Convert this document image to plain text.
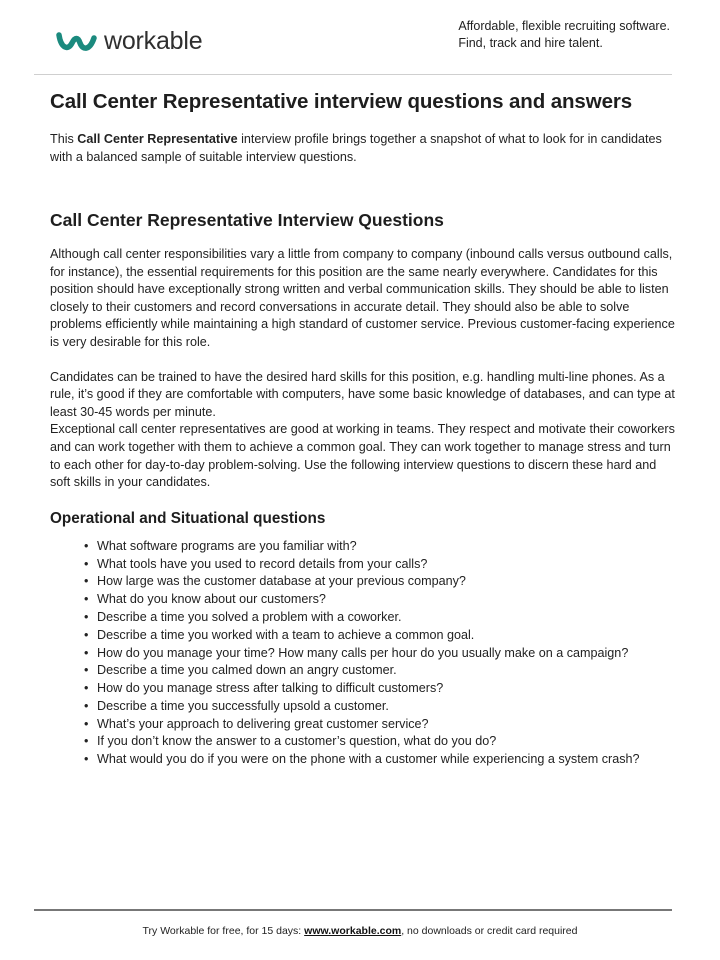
workable
Affordable, flexible recruiting software.
Find, track and hire talent.
Call Center Representative interview questions and answers

This Call Center Representative interview profile brings together a snapshot of what to look for in candidates with a balanced sample of suitable interview questions.

Call Center Representative Interview Questions

Although call center responsibilities vary a little from company to company (inbound calls versus outbound calls, for instance), the essential requirements for this position are the same nearly everywhere. Candidates for this position should have exceptionally strong written and verbal communication skills. They should be able to listen closely to their customers and record conversations in accurate detail. They should also be able to solve problems efficiently while maintaining a high standard of customer service. Previous customer-facing experience is very desirable for this role.

Candidates can be trained to have the desired hard skills for this position, e.g. handling multi-line phones. As a rule, it’s good if they are comfortable with computers, have some basic knowledge of databases, and can type at least 30-45 words per minute.

Exceptional call center representatives are good at working in teams. They respect and motivate their coworkers and can work together with them to achieve a common goal. They can work together to manage stress and turn to each other for day-to-day problem-solving. Use the following interview questions to discern these hard and soft skills in your candidates.

Operational and Situational questions
• What software programs are you familiar with?
• What tools have you used to record details from your calls?
• How large was the customer database at your previous company?
• What do you know about our customers?
• Describe a time you solved a problem with a coworker.
• Describe a time you worked with a team to achieve a common goal.
• How do you manage your time? How many calls per hour do you usually make on a campaign?
• Describe a time you calmed down an angry customer.
• How do you manage stress after talking to difficult customers?
• Describe a time you successfully upsold a customer.
• What’s your approach to delivering great customer service?
• If you don’t know the answer to a customer’s question, what do you do?
• What would you do if you were on the phone with a customer while experiencing a system crash?
Try Workable for free, for 15 days: www.workable.com, no downloads or credit card required
